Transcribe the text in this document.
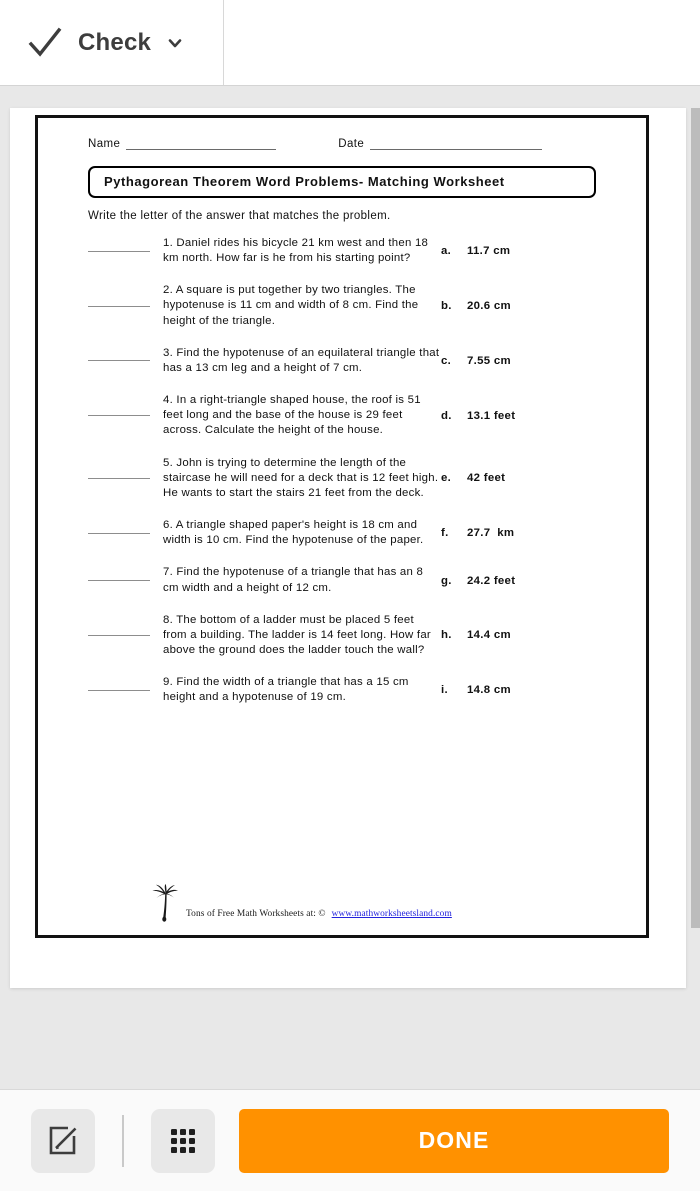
Check
Name	Date
Pythagorean Theorem Word Problems- Matching Worksheet
Write the letter of the answer that matches the problem.
1. Daniel rides his bicycle 21 km west and then 18 km north. How far is he from his starting point?
a.	11.7 cm
2. A square is put together by two triangles. The hypotenuse is 11 cm and width of 8 cm. Find the height of the triangle.
b.	20.6 cm
3. Find the hypotenuse of an equilateral triangle that has a 13 cm leg and a height of 7 cm.
c.	7.55 cm
4. In a right-triangle shaped house, the roof is 51 feet long and the base of the house is 29 feet across. Calculate the height of the house.
d.	13.1 feet
5. John is trying to determine the length of the staircase he will need for a deck that is 12 feet high. He wants to start the stairs 21 feet from the deck.
e.	42 feet
6. A triangle shaped paper's height is 18 cm and width is 10 cm. Find the hypotenuse of the paper.
f.	27.7  km
7. Find the hypotenuse of a triangle that has an 8 cm width and a height of 12 cm.
g.	24.2 feet
8. The bottom of a ladder must be placed 5 feet from a building. The ladder is 14 feet long. How far above the ground does the ladder touch the wall?
h.	14.4 cm
9. Find the width of a triangle that has a 15 cm height and a hypotenuse of 19 cm.
i.	14.8 cm
Tons of Free Math Worksheets at: © www.mathworksheetsland.com
DONE
